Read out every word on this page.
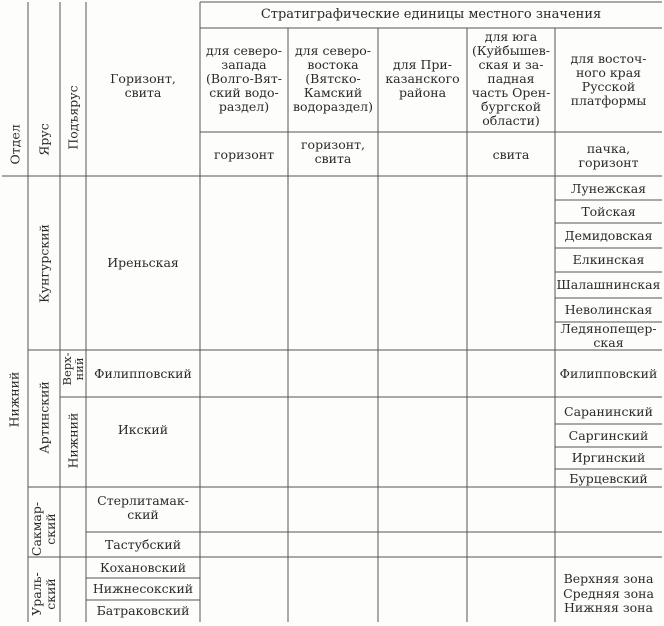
Стратиграфические единицы местного значения
Отдел Ярус Подъярус
Горизонт,
свита
для северо-
запада
(Волго-Вят-
ский водо-
раздел)
для северо-
востока
(Вятско-
Камский
водораздел)
для При-
казанского
района
для юга
(Куйбышев-
ская и за-
падная
часть Орен-
бургской
области)
для восточ-
ного края
Русской
платформы
горизонт
горизонт,
свита	свита	пачка,
горизонт
Нижний
Кунгурский
Артинский
Сакмар-
ский
Ураль-
ский
Верх-
ний
Нижний
Иреньская
Филипповский
Икский
Стерлитамак-
ский
Тастубский
Кохановский
Нижнесокский
Батраковский
Лунежская
Тойская
Демидовская
Елкинская
Шалашнинская
Неволинская
Ледянопещер-
ская
Филипповский
Саранинский
Саргинский
Иргинский
Бурцевский
Верхняя зона
Средняя зона
Нижняя зона
